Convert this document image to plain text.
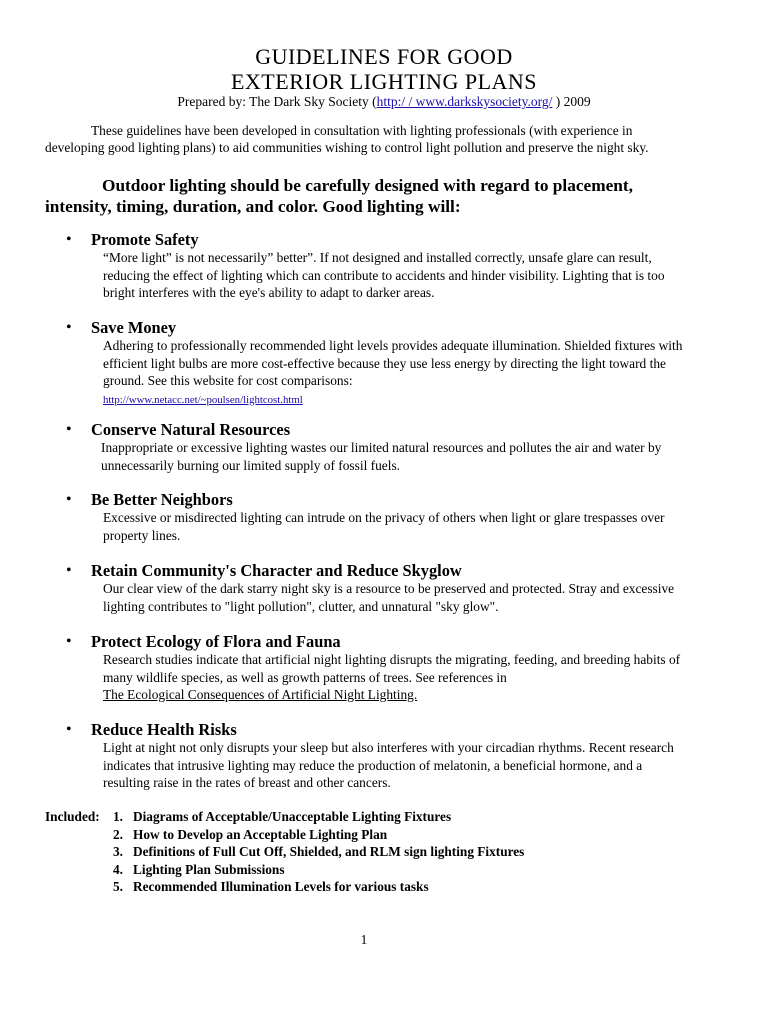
GUIDELINES FOR GOOD
EXTERIOR LIGHTING PLANS
Prepared by: The Dark Sky Society (http:/ / www.darkskysociety.org/ ) 2009
These guidelines have been developed in consultation with lighting professionals (with experience in developing good lighting plans) to aid communities wishing to control light pollution and preserve the night sky.
Outdoor lighting should be carefully designed with regard to placement, intensity, timing, duration, and color. Good lighting will:
• Promote Safety
“More light” is not necessarily” better”. If not designed and installed correctly, unsafe glare can result, reducing the effect of lighting which can contribute to accidents and hinder visibility. Lighting that is too bright interferes with the eye's ability to adapt to darker areas.
• Save Money

Adhering to professionally recommended light levels provides adequate illumination. Shielded fixtures with efficient light bulbs are more cost-effective because they use less energy by directing the light toward the ground. See this website for cost comparisons:

http://www.netacc.net/~poulsen/lightcost.html

• Conserve Natural Resources
Inappropriate or excessive lighting wastes our limited natural resources and pollutes the air and water by unnecessarily burning our limited supply of fossil fuels.
• Be Better Neighbors
Excessive or misdirected lighting can intrude on the privacy of others when light or glare trespasses over property lines.
• Retain Community's Character and Reduce Skyglow
Our clear view of the dark starry night sky is a resource to be preserved and protected. Stray and excessive lighting contributes to "light pollution", clutter, and unnatural "sky glow".
• Protect Ecology of Flora and Fauna

Research studies indicate that artificial night lighting disrupts the migrating, feeding, and breeding habits of many wildlife species, as well as growth patterns of trees. See references in

The Ecological Consequences of Artificial Night Lighting.

• Reduce Health Risks
Light at night not only disrupts your sleep but also interferes with your circadian rhythms. Recent research indicates that intrusive lighting may reduce the production of melatonin, a beneficial hormone, and a resulting raise in the rates of breast and other cancers.
Included: 1. Diagrams of Acceptable/Unacceptable Lighting Fixtures
2. How to Develop an Acceptable Lighting Plan
3. Definitions of Full Cut Off, Shielded, and RLM sign lighting Fixtures
4. Lighting Plan Submissions
5. Recommended Illumination Levels for various tasks
1
